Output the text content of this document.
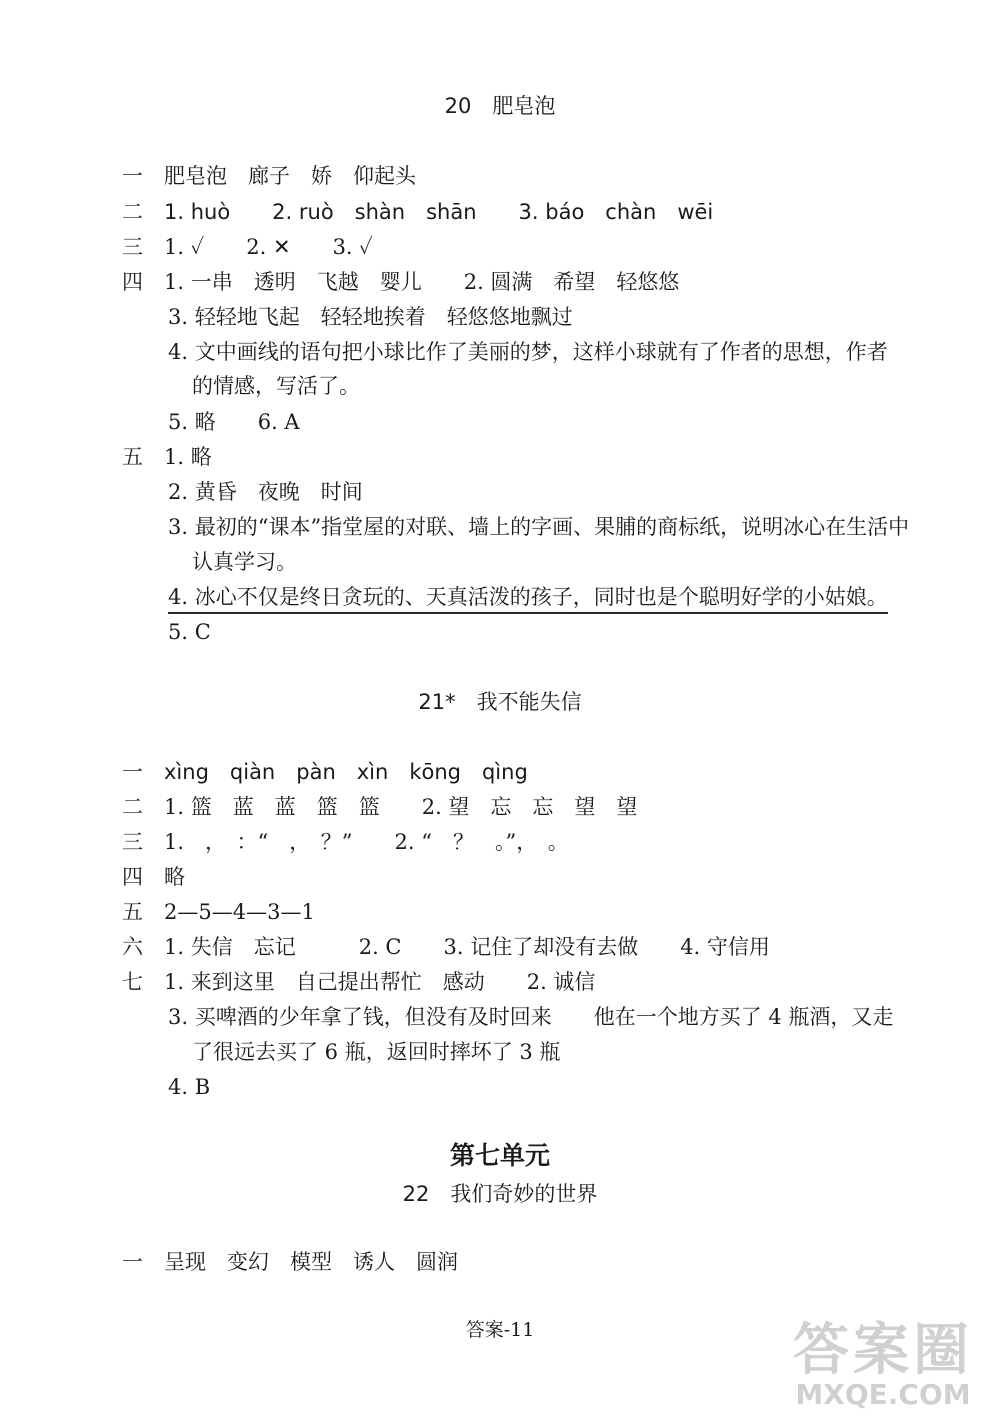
20　肥皂泡
一　肥皂泡　廊子　娇　仰起头
二　1. huò　　2. ruò　shàn　shān　　3. báo　chàn　wēi
三　1. ✓　　2. ✕　　3. ✓
四　1. 一串　透明　飞越　婴儿　　2. 圆满　希望　轻悠悠
3. 轻轻地飞起　轻轻地挨着　轻悠悠地飘过
4. 文中画线的语句把小球比作了美丽的梦，这样小球就有了作者的思想，作者
的情感，写活了。
5. 略　　6. A
五　1. 略
2. 黄昏　夜晚　时间
3. 最初的“课本”指堂屋的对联、墙上的字画、果脯的商标纸，说明冰心在生活中
认真学习。
4. 冰心不仅是终日贪玩的、天真活泼的孩子，同时也是个聪明好学的小姑娘。
5. C
21*　我不能失信
一　xìng　qiàn　pàn　xìn　kōng　qìng
二　1. 篮　蓝　蓝　篮　篮　　2. 望　忘　忘　望　望
三　1.　，　：“　，　？”　　2. “　？　。”，　。
四　略
五　2—5—4—3—1
六　1. 失信　忘记　　　2. C　　3. 记住了却没有去做　　4. 守信用
七　1. 来到这里　自己提出帮忙　感动　　2. 诚信
3. 买啤酒的少年拿了钱，但没有及时回来　　他在一个地方买了 4 瓶酒，又走
了很远去买了 6 瓶，返回时摔坏了 3 瓶
4. B
第七单元
22　我们奇妙的世界
一　呈现　变幻　模型　诱人　圆润
答案-11	答案圈
MXQE.COM
